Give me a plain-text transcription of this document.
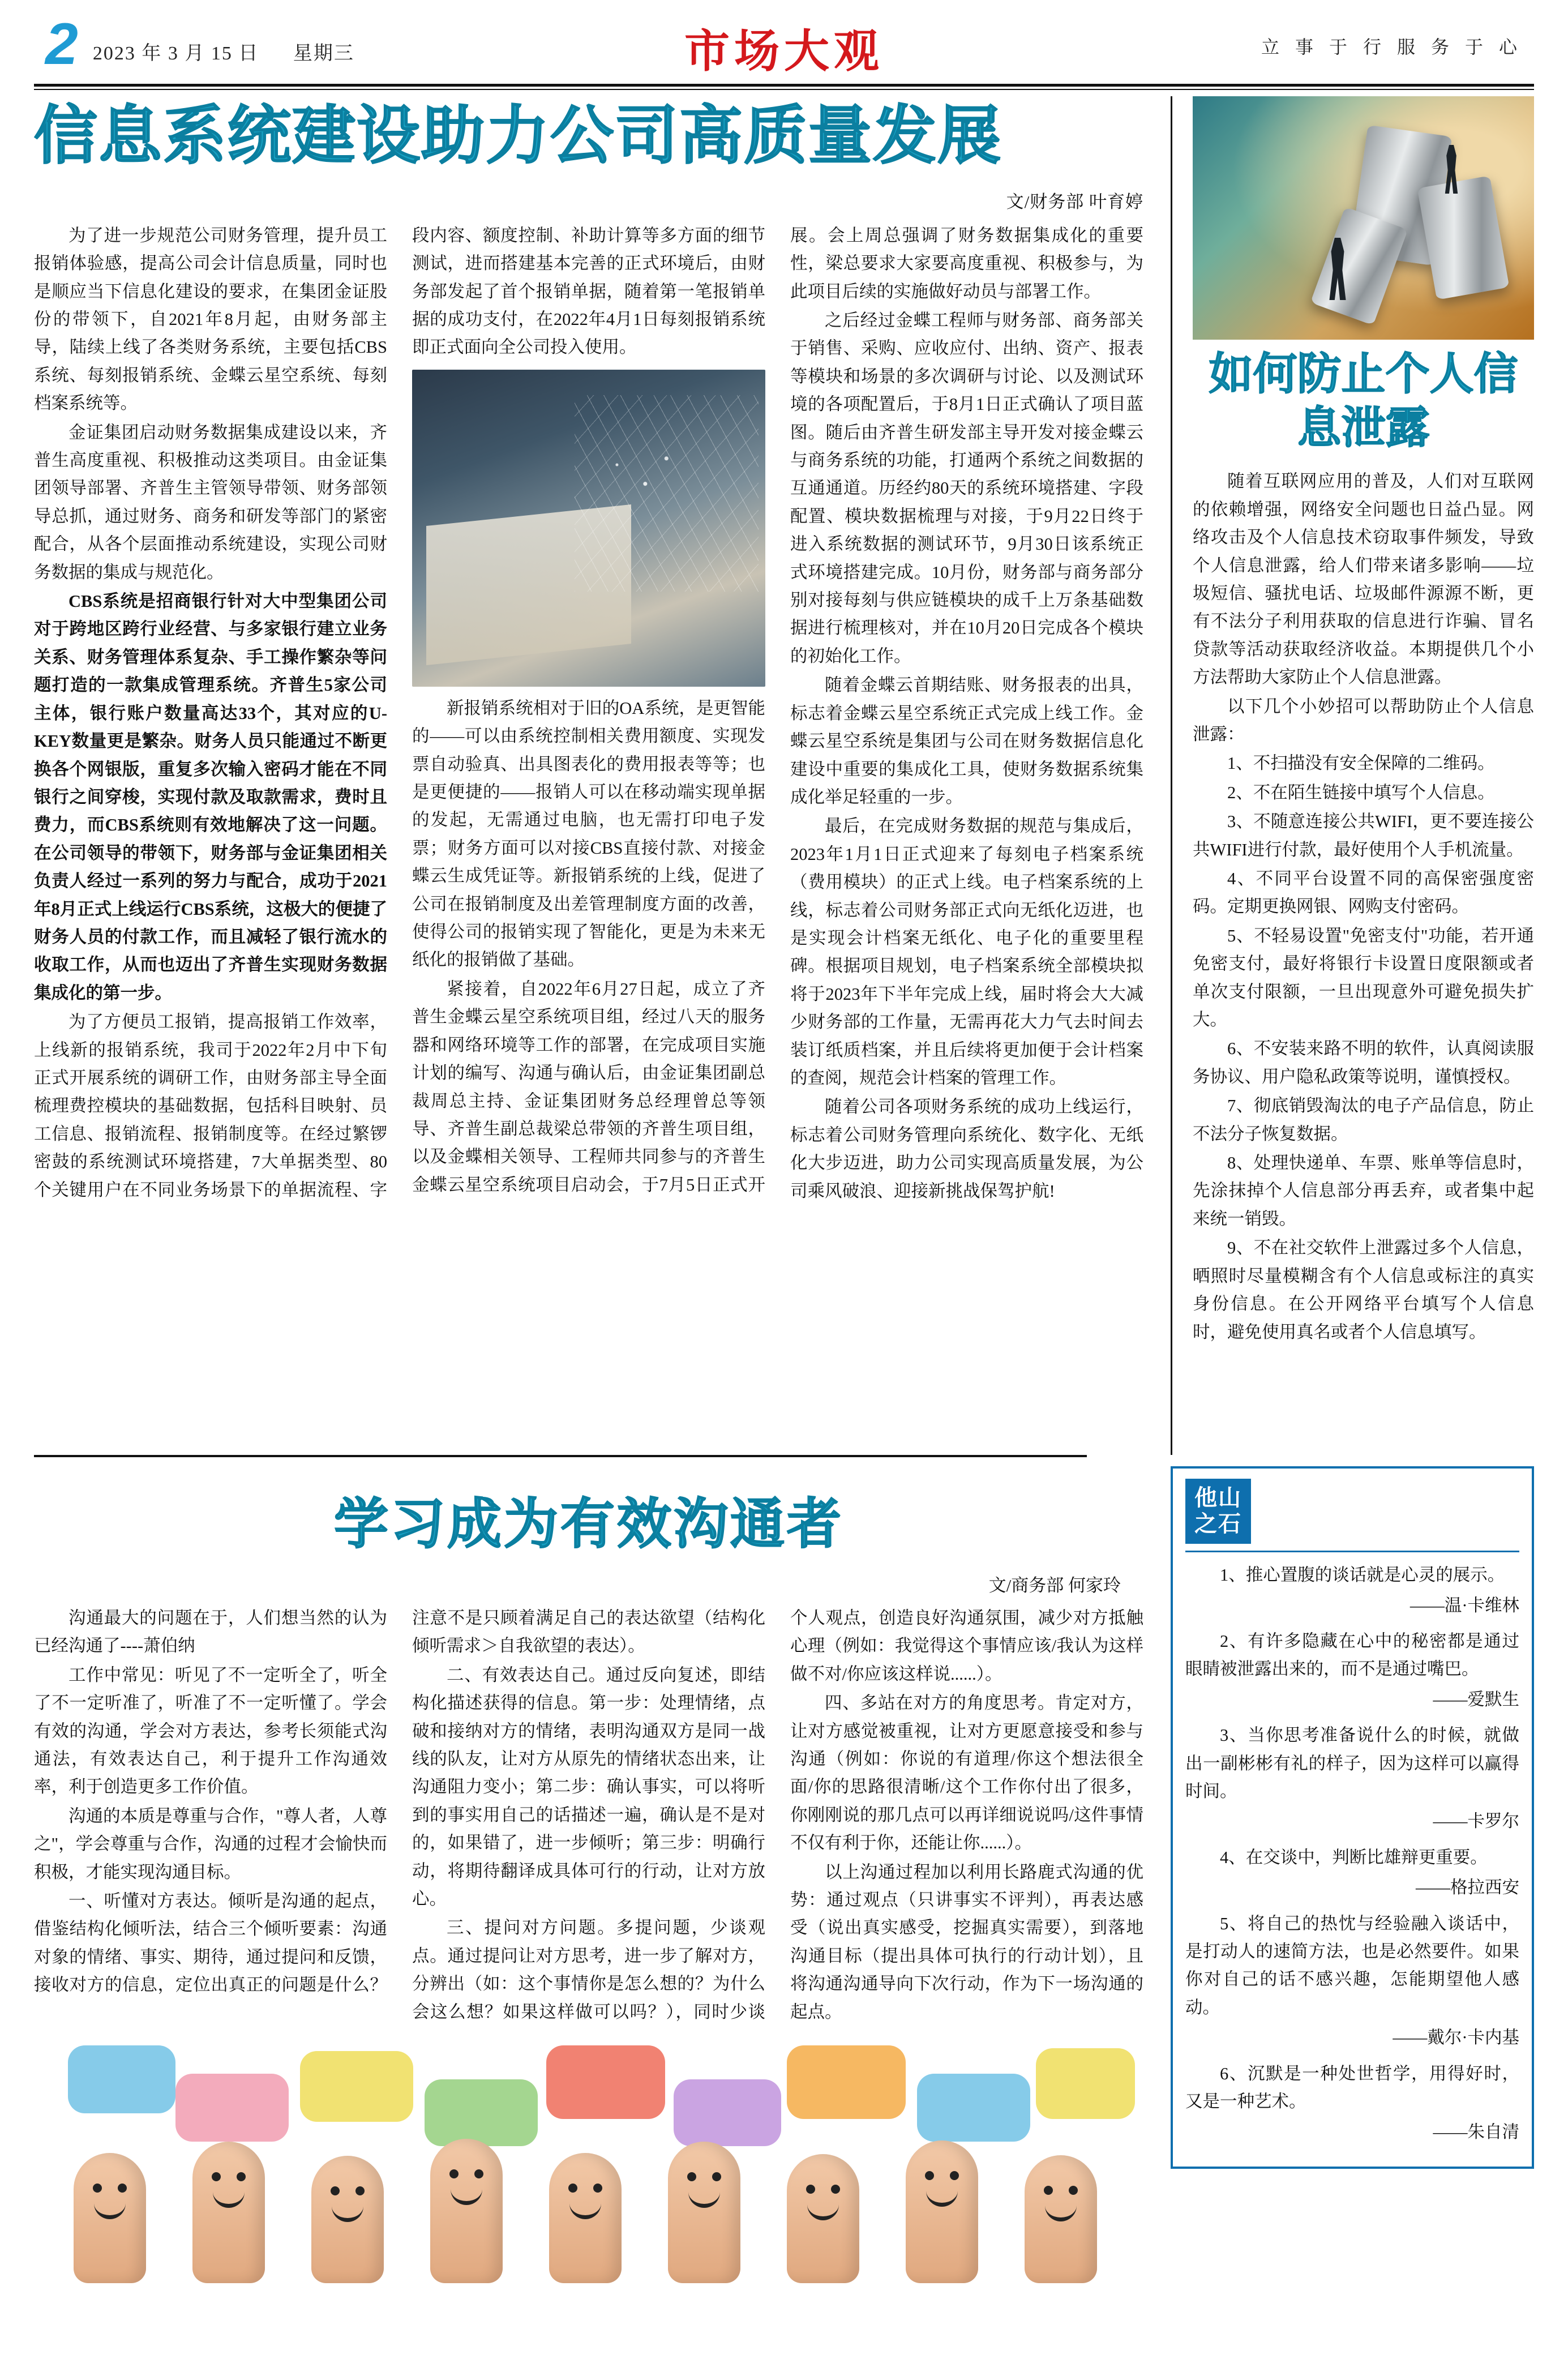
2 2023 年 3 月 15 日 星期三	市场大观	立 事 于 行 服 务 于 心
信息系统建设助力公司高质量发展
文/财务部 叶育婷

为了进一步规范公司财务管理，提升员工报销体验感，提高公司会计信息质量，同时也是顺应当下信息化建设的要求，在集团金证股份的带领下，自2021年8月起，由财务部主导，陆续上线了各类财务系统，主要包括CBS系统、每刻报销系统、金蝶云星空系统、每刻档案系统等。

金证集团启动财务数据集成建设以来，齐普生高度重视、积极推动这类项目。由金证集团领导部署、齐普生主管领导带领、财务部领导总抓，通过财务、商务和研发等部门的紧密配合，从各个层面推动系统建设，实现公司财务数据的集成与规范化。

CBS系统是招商银行针对大中型集团公司对于跨地区跨行业经营、与多家银行建立业务关系、财务管理体系复杂、手工操作繁杂等问题打造的一款集成管理系统。齐普生5家公司主体，银行账户数量高达33个，其对应的U-KEY数量更是繁杂。财务人员只能通过不断更换各个网银版，重复多次输入密码才能在不同银行之间穿梭，实现付款及取款需求，费时且费力，而CBS系统则有效地解决了这一问题。在公司领导的带领下，财务部与金证集团相关负责人经过一系列的努力与配合，成功于2021年8月正式上线运行CBS系统，这极大的便捷了财务人员的付款工作，而且减轻了银行流水的收取工作，从而也迈出了齐普生实现财务数据集成化的第一步。

为了方便员工报销，提高报销工作效率，上线新的报销系统，我司于2022年2月中下旬正式开展系统的调研工作，由财务部主导全面梳理费控模块的基础数据，包括科目映射、员工信息、报销流程、报销制度等。在经过繁锣密鼓的系统测试环境搭建，7大单据类型、80个关键用户在不同业务场景下的单据流程、字段内容、额度控制、补助计算等多方面的细节测试，进而搭建基本完善的正式环境后，由财务部发起了首个报销单据，随着第一笔报销单据的成功支付，在2022年4月1日每刻报销系统即正式面向全公司投入使用。

新报销系统相对于旧的OA系统，是更智能的——可以由系统控制相关费用额度、实现发票自动验真、出具图表化的费用报表等等；也是更便捷的——报销人可以在移动端实现单据的发起，无需通过电脑，也无需打印电子发票；财务方面可以对接CBS直接付款、对接金蝶云生成凭证等。新报销系统的上线，促进了公司在报销制度及出差管理制度方面的改善，使得公司的报销实现了智能化，更是为未来无纸化的报销做了基础。

紧接着，自2022年6月27日起，成立了齐普生金蝶云星空系统项目组，经过八天的服务器和网络环境等工作的部署，在完成项目实施计划的编写、沟通与确认后，由金证集团副总裁周总主持、金证集团财务总经理曾总等领导、齐普生副总裁梁总带领的齐普生项目组，以及金蝶相关领导、工程师共同参与的齐普生金蝶云星空系统项目启动会，于7月5日正式开展。会上周总强调了财务数据集成化的重要性，梁总要求大家要高度重视、积极参与，为此项目后续的实施做好动员与部署工作。

之后经过金蝶工程师与财务部、商务部关于销售、采购、应收应付、出纳、资产、报表等模块和场景的多次调研与讨论、以及测试环境的各项配置后，于8月1日正式确认了项目蓝图。随后由齐普生研发部主导开发对接金蝶云与商务系统的功能，打通两个系统之间数据的互通通道。历经约80天的系统环境搭建、字段配置、模块数据梳理与对接，于9月22日终于进入系统数据的测试环节，9月30日该系统正式环境搭建完成。10月份，财务部与商务部分别对接每刻与供应链模块的成千上万条基础数据进行梳理核对，并在10月20日完成各个模块的初始化工作。

随着金蝶云首期结账、财务报表的出具，标志着金蝶云星空系统正式完成上线工作。金蝶云星空系统是集团与公司在财务数据信息化建设中重要的集成化工具，使财务数据系统集成化举足轻重的一步。

最后，在完成财务数据的规范与集成后，2023年1月1日正式迎来了每刻电子档案系统（费用模块）的正式上线。电子档案系统的上线，标志着公司财务部正式向无纸化迈进，也是实现会计档案无纸化、电子化的重要里程碑。根据项目规划，电子档案系统全部模块拟将于2023年下半年完成上线，届时将会大大减少财务部的工作量，无需再花大力气去时间去装订纸质档案，并且后续将更加便于会计档案的查阅，规范会计档案的管理工作。

随着公司各项财务系统的成功上线运行，标志着公司财务管理向系统化、数字化、无纸化大步迈进，助力公司实现高质量发展，为公司乘风破浪、迎接新挑战保驾护航!

如何防止个人信息泄露

随着互联网应用的普及，人们对互联网的依赖增强，网络安全问题也日益凸显。网络攻击及个人信息技术窃取事件频发，导致个人信息泄露，给人们带来诸多影响——垃圾短信、骚扰电话、垃圾邮件源源不断，更有不法分子利用获取的信息进行诈骗、冒名贷款等活动获取经济收益。本期提供几个小方法帮助大家防止个人信息泄露。

以下几个小妙招可以帮助防止个人信息泄露：

1、不扫描没有安全保障的二维码。

2、不在陌生链接中填写个人信息。

3、不随意连接公共WIFI，更不要连接公共WIFI进行付款，最好使用个人手机流量。

4、不同平台设置不同的高保密强度密码。定期更换网银、网购支付密码。

5、不轻易设置"免密支付"功能，若开通免密支付，最好将银行卡设置日度限额或者单次支付限额，一旦出现意外可避免损失扩大。

6、不安装来路不明的软件，认真阅读服务协议、用户隐私政策等说明，谨慎授权。

7、彻底销毁淘汰的电子产品信息，防止不法分子恢复数据。

8、处理快递单、车票、账单等信息时，先涂抹掉个人信息部分再丢弃，或者集中起来统一销毁。

9、不在社交软件上泄露过多个人信息，晒照时尽量模糊含有个人信息或标注的真实身份信息。在公开网络平台填写个人信息时，避免使用真名或者个人信息填写。

学习成为有效沟通者
文/商务部 何家玲

沟通最大的问题在于，人们想当然的认为已经沟通了----萧伯纳

工作中常见：听见了不一定听全了，听全了不一定听准了，听准了不一定听懂了。学会有效的沟通，学会对方表达，参考长须能式沟通法，有效表达自己，利于提升工作沟通效率，利于创造更多工作价值。

沟通的本质是尊重与合作，"尊人者，人尊之"，学会尊重与合作，沟通的过程才会愉快而积极，才能实现沟通目标。

一、听懂对方表达。倾听是沟通的起点，借鉴结构化倾听法，结合三个倾听要素：沟通对象的情绪、事实、期待，通过提问和反馈，接收对方的信息，定位出真正的问题是什么？注意不是只顾着满足自己的表达欲望（结构化倾听需求＞自我欲望的表达）。

二、有效表达自己。通过反向复述，即结构化描述获得的信息。第一步：处理情绪，点破和接纳对方的情绪，表明沟通双方是同一战线的队友，让对方从原先的情绪状态出来，让沟通阻力变小；第二步：确认事实，可以将听到的事实用自己的话描述一遍，确认是不是对的，如果错了，进一步倾听；第三步：明确行动，将期待翻译成具体可行的行动，让对方放心。

三、提问对方问题。多提问题，少谈观点。通过提问让对方思考，进一步了解对方，分辨出（如：这个事情你是怎么想的？为什么会这么想？如果这样做可以吗？），同时少谈个人观点，创造良好沟通氛围，减少对方抵触心理（例如：我觉得这个事情应该/我认为这样做不对/你应该这样说......）。

四、多站在对方的角度思考。肯定对方，让对方感觉被重视，让对方更愿意接受和参与沟通（例如：你说的有道理/你这个想法很全面/你的思路很清晰/这个工作你付出了很多，你刚刚说的那几点可以再详细说说吗/这件事情不仅有利于你，还能让你......）。

以上沟通过程加以利用长路鹿式沟通的优势：通过观点（只讲事实不评判），再表达感受（说出真实感受，挖掘真实需要），到落地沟通目标（提出具体可执行的行动计划），且将沟通沟通导向下次行动，作为下一场沟通的起点。

他山
之石

1、推心置腹的谈话就是心灵的展示。

——温·卡维林

2、有许多隐藏在心中的秘密都是通过眼睛被泄露出来的，而不是通过嘴巴。

——爱默生

3、当你思考准备说什么的时候，就做出一副彬彬有礼的样子，因为这样可以赢得时间。

——卡罗尔

4、在交谈中，判断比雄辩更重要。

——格拉西安

5、将自己的热忱与经验融入谈话中，是打动人的速简方法，也是必然要件。如果你对自己的话不感兴趣，怎能期望他人感动。

——戴尔·卡内基

6、沉默是一种处世哲学，用得好时，又是一种艺术。

——朱自清
